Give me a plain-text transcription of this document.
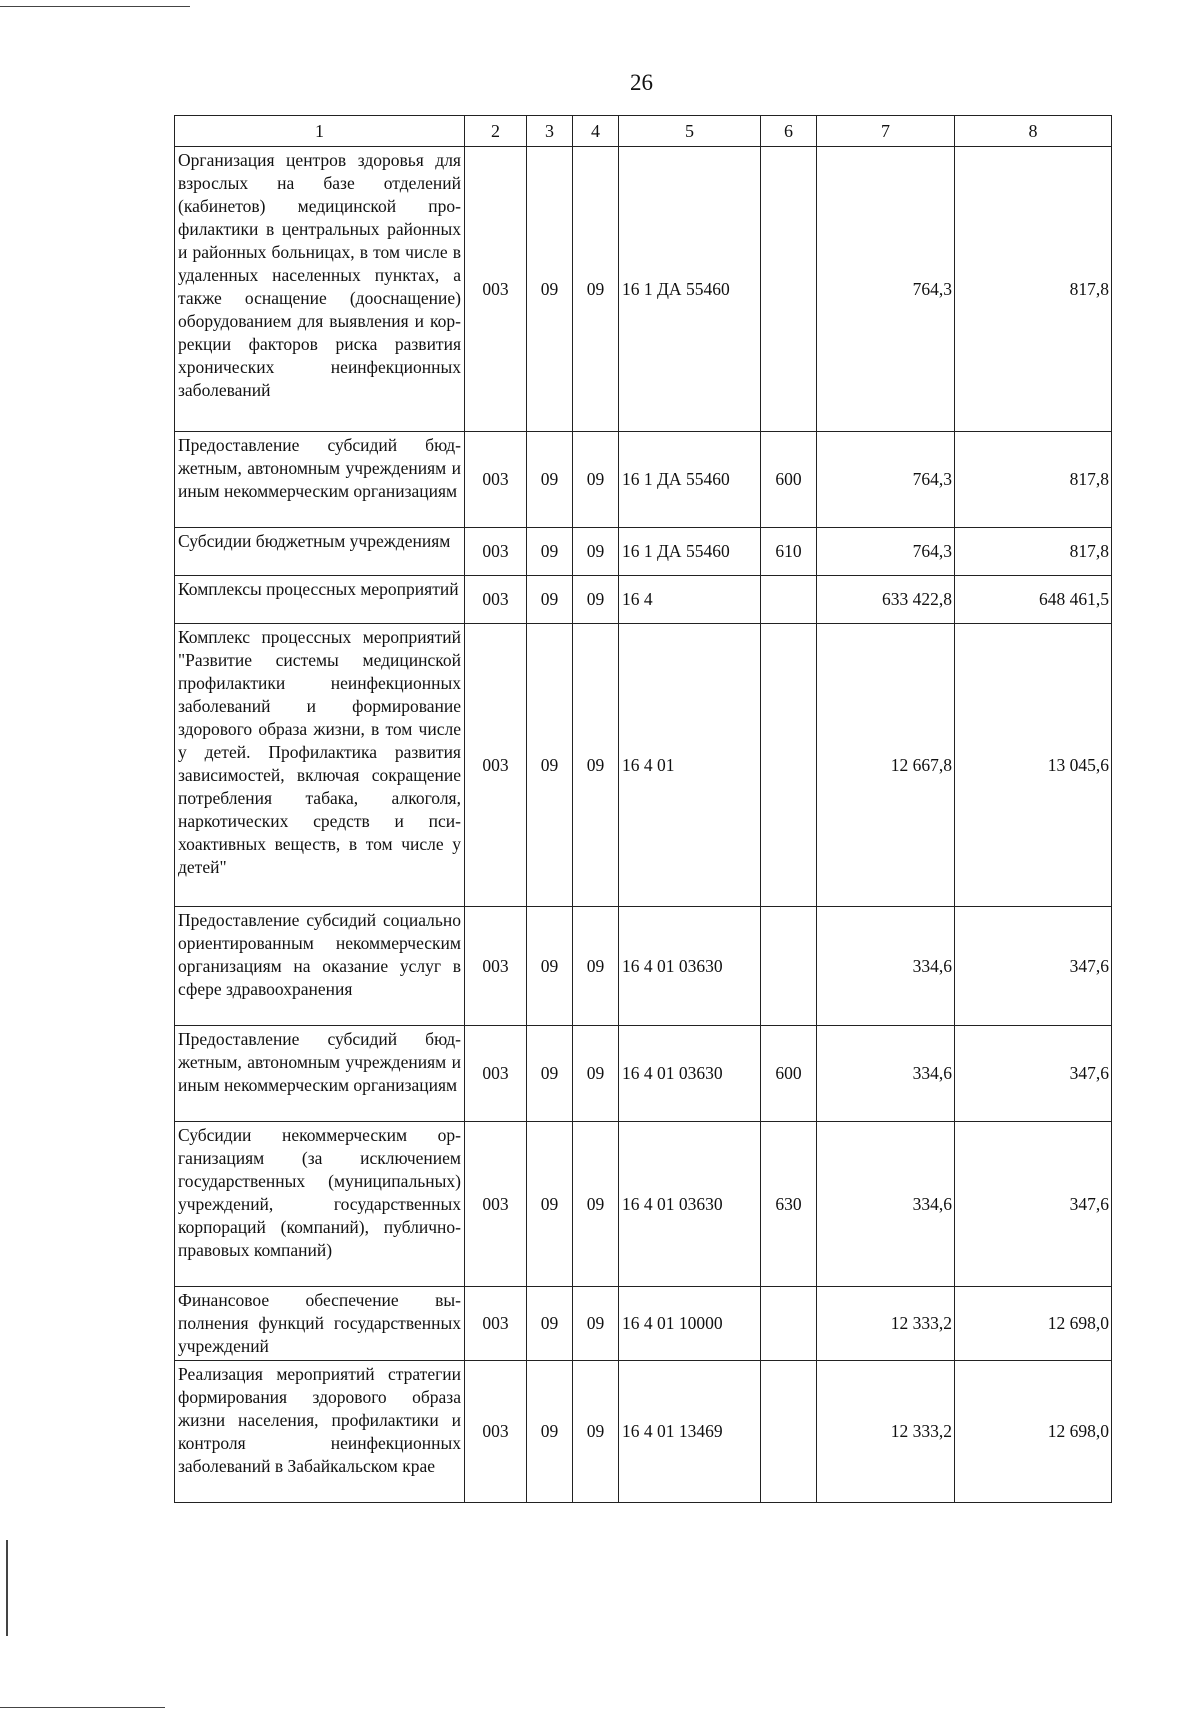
26
1	2	3	4	5	6	7	8
Организация центров здоровья для взрослых на базе отделений (кабинетов) медицинской профилактики в центральных районных и районных больницах, в том числе в удаленных населенных пунктах, а также оснащение (дооснащение) оборудованием для выявления и коррекции факторов риска развития хронических неинфекционных заболеваний	003	09	09	16 1 ДА 55460		764,3	817,8
Предоставление субсидий бюджетным, автономным учреждениям и иным некоммерческим организациям	003	09	09	16 1 ДА 55460	600	764,3	817,8
Субсидии бюджетным учреждениям	003	09	09	16 1 ДА 55460	610	764,3	817,8
Комплексы процессных мероприятий	003	09	09	16 4		633 422,8	648 461,5
Комплекс процессных мероприятий "Развитие системы медицинской профилактики неинфекционных заболеваний и формирование здорового образа жизни, в том числе у детей. Профилактика развития зависимостей, включая сокращение потребления табака, алкоголя, наркотических средств и психоактивных веществ, в том числе у детей"	003	09	09	16 4 01		12 667,8	13 045,6
Предоставление субсидий социально ориентированным некоммерческим организациям на оказание услуг в сфере здравоохранения	003	09	09	16 4 01 03630		334,6	347,6
Предоставление субсидий бюджетным, автономным учреждениям и иным некоммерческим организациям	003	09	09	16 4 01 03630	600	334,6	347,6
Субсидии некоммерческим организациям (за исключением государственных (муниципальных) учреждений, государственных корпораций (компаний), публично-правовых компаний)	003	09	09	16 4 01 03630	630	334,6	347,6
Финансовое обеспечение выполнения функций государственных учреждений	003	09	09	16 4 01 10000		12 333,2	12 698,0
Реализация мероприятий стратегии формирования здорового образа жизни населения, профилактики и контроля неинфекционных заболеваний в Забайкальском крае	003	09	09	16 4 01 13469		12 333,2	12 698,0
